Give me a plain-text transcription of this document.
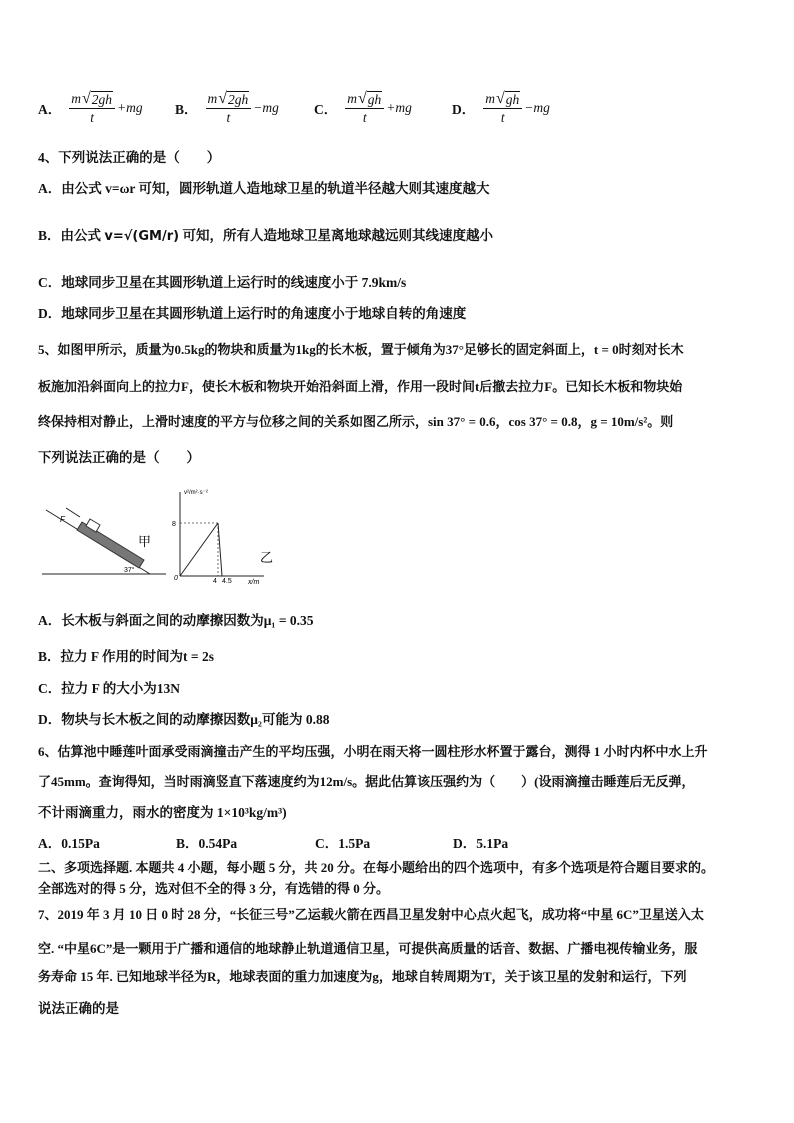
A． $\frac{m √ 2gh}{t} +mg$ B． $\frac{m √ 2gh}{t} -mg$	C． $\frac{m √ gh}{t} +mg$	D． $\frac{m √ gh}{t} -mg$
4、下列说法正确的是（　　）
A．由公式 v=ωr 可知，圆形轨道人造地球卫星的轨道半径越大则其速度越大
B．由公式 v=√(GM/r) 可知，所有人造地球卫星离地球越远则其线速度越小
C．地球同步卫星在其圆形轨道上运行时的线速度小于 7.9km/s
D．地球同步卫星在其圆形轨道上运行时的角速度小于地球自转的角速度
5、如图甲所示，质量为0.5kg的物块和质量为1kg的长木板，置于倾角为37°足够长的固定斜面上，t = 0时刻对长木
板施加沿斜面向上的拉力F，使长木板和物块开始沿斜面上滑，作用一段时间t后撤去拉力F。已知长木板和物块始
终保持相对静止，上滑时速度的平方与位移之间的关系如图乙所示，sin 37° = 0.6，cos 37° = 0.8，g = 10m/s²。则
下列说法正确的是（　　）
F
甲
37°
v²/m²·s⁻²
8
0	4 4.5 x/m
乙
A．长木板与斜面之间的动摩擦因数为μ₁ = 0.35
B．拉力 F 作用的时间为t = 2s
C．拉力 F 的大小为13N
D．物块与长木板之间的动摩擦因数μ₂可能为 0.88
6、估算池中睡莲叶面承受雨滴撞击产生的平均压强，小明在雨天将一圆柱形水杯置于露台，测得 1 小时内杯中水上升
了45mm。查询得知，当时雨滴竖直下落速度约为12m/s。据此估算该压强约为（　　）(设雨滴撞击睡莲后无反弹，
不计雨滴重力，雨水的密度为 1×10³kg/m³)
A．0.15Pa	B．0.54Pa	C．1.5Pa	D．5.1Pa
二、多项选择题. 本题共 4 小题，每小题 5 分，共 20 分。在每小题给出的四个选项中，有多个选项是符合题目要求的。
全部选对的得 5 分，选对但不全的得 3 分，有选错的得 0 分。
7、2019 年 3 月 10 日 0 时 28 分，“长征三号”乙运载火箭在西昌卫星发射中心点火起飞，成功将“中星 6C”卫星送入太
空. “中星6C”是一颗用于广播和通信的地球静止轨道通信卫星，可提供高质量的话音、数据、广播电视传输业务，服
务寿命 15 年. 已知地球半径为R，地球表面的重力加速度为g，地球自转周期为T，关于该卫星的发射和运行，下列
说法正确的是
